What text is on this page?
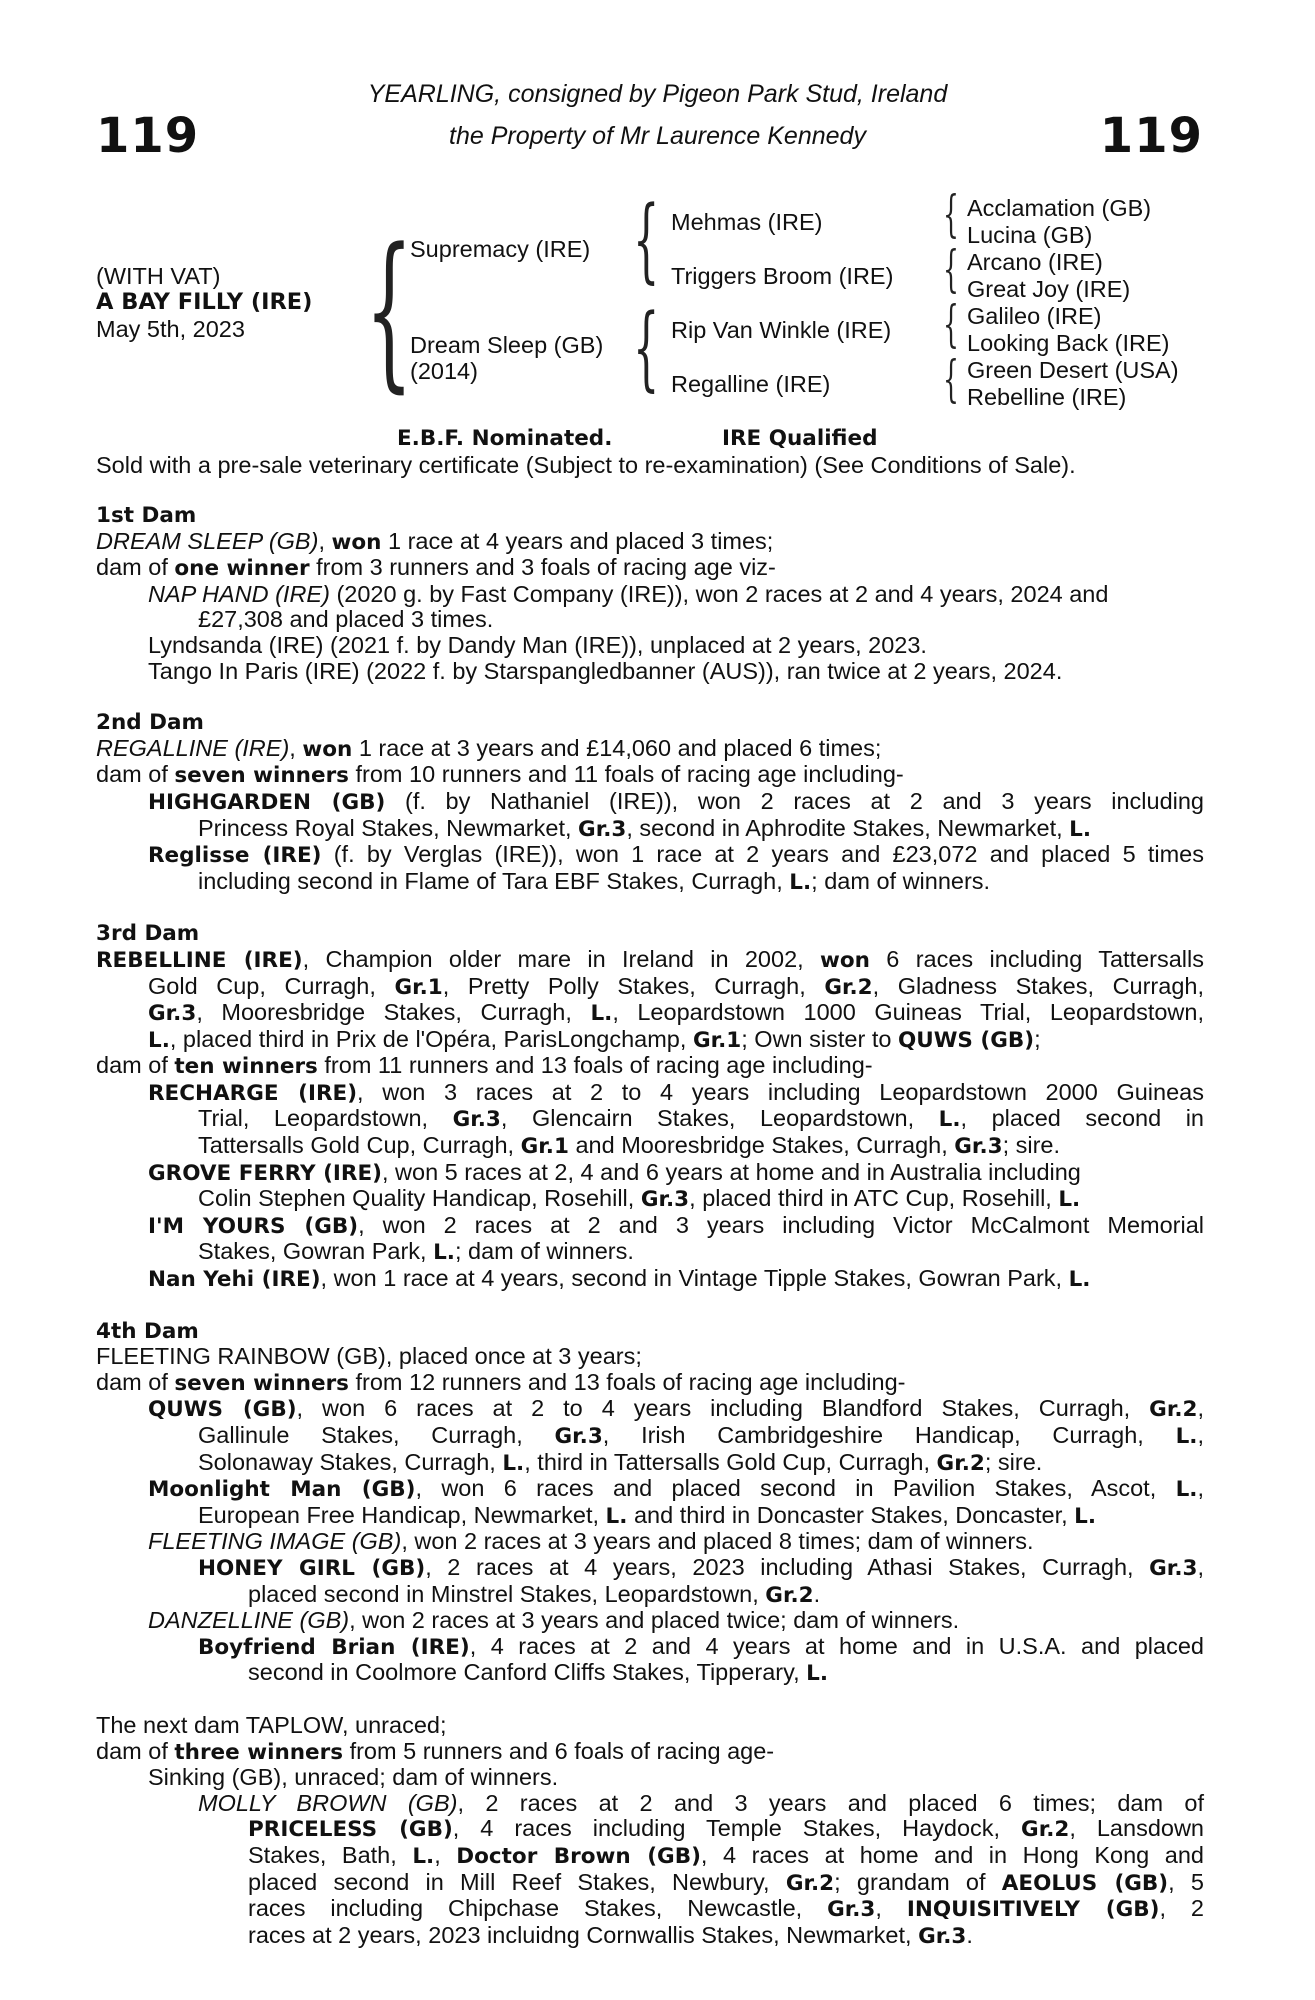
119	119
YEARLING, consigned by Pigeon Park Stud, Ireland
the Property of Mr Laurence Kennedy
(WITH VAT)
A BAY FILLY (IRE)
May 5th, 2023 { {
{
{
{
{
{
Supremacy (IRE)
Dream Sleep (GB)
(2014)
Mehmas (IRE)
Triggers Broom (IRE)
Rip Van Winkle (IRE)
Regalline (IRE)
Acclamation (GB)
Lucina (GB)
Arcano (IRE)
Great Joy (IRE)
Galileo (IRE)
Looking Back (IRE)
Green Desert (USA)
Rebelline (IRE)
E.B.F. Nominated.	IRE Qualified
Sold with a pre-sale veterinary certificate (Subject to re-examination) (See Conditions of Sale).
1st Dam
DREAM SLEEP (GB), won 1 race at 4 years and placed 3 times;
dam of one winner from 3 runners and 3 foals of racing age viz-
NAP HAND (IRE) (2020 g. by Fast Company (IRE)), won 2 races at 2 and 4 years, 2024 and
£27,308 and placed 3 times.
Lyndsanda (IRE) (2021 f. by Dandy Man (IRE)), unplaced at 2 years, 2023.
Tango In Paris (IRE) (2022 f. by Starspangledbanner (AUS)), ran twice at 2 years, 2024.
2nd Dam
REGALLINE (IRE), won 1 race at 3 years and £14,060 and placed 6 times;
dam of seven winners from 10 runners and 11 foals of racing age including-
HIGHGARDEN (GB) (f. by Nathaniel (IRE)), won 2 races at 2 and 3 years including
Princess Royal Stakes, Newmarket, Gr.3, second in Aphrodite Stakes, Newmarket, L.
Reglisse (IRE) (f. by Verglas (IRE)), won 1 race at 2 years and £23,072 and placed 5 times
including second in Flame of Tara EBF Stakes, Curragh, L.; dam of winners.
3rd Dam
REBELLINE (IRE), Champion older mare in Ireland in 2002, won 6 races including Tattersalls
Gold Cup, Curragh, Gr.1, Pretty Polly Stakes, Curragh, Gr.2, Gladness Stakes, Curragh,
Gr.3, Mooresbridge Stakes, Curragh, L., Leopardstown 1000 Guineas Trial, Leopardstown,
L., placed third in Prix de l'Opéra, ParisLongchamp, Gr.1; Own sister to QUWS (GB);
dam of ten winners from 11 runners and 13 foals of racing age including-
RECHARGE (IRE), won 3 races at 2 to 4 years including Leopardstown 2000 Guineas
Trial, Leopardstown, Gr.3, Glencairn Stakes, Leopardstown, L., placed second in
Tattersalls Gold Cup, Curragh, Gr.1 and Mooresbridge Stakes, Curragh, Gr.3; sire.
GROVE FERRY (IRE), won 5 races at 2, 4 and 6 years at home and in Australia including
Colin Stephen Quality Handicap, Rosehill, Gr.3, placed third in ATC Cup, Rosehill, L.
I'M YOURS (GB), won 2 races at 2 and 3 years including Victor McCalmont Memorial
Stakes, Gowran Park, L.; dam of winners.
Nan Yehi (IRE), won 1 race at 4 years, second in Vintage Tipple Stakes, Gowran Park, L.
4th Dam
FLEETING RAINBOW (GB), placed once at 3 years;
dam of seven winners from 12 runners and 13 foals of racing age including-
QUWS (GB), won 6 races at 2 to 4 years including Blandford Stakes, Curragh, Gr.2,
Gallinule Stakes, Curragh, Gr.3, Irish Cambridgeshire Handicap, Curragh, L.,
Solonaway Stakes, Curragh, L., third in Tattersalls Gold Cup, Curragh, Gr.2; sire.
Moonlight Man (GB), won 6 races and placed second in Pavilion Stakes, Ascot, L.,
European Free Handicap, Newmarket, L. and third in Doncaster Stakes, Doncaster, L.
FLEETING IMAGE (GB), won 2 races at 3 years and placed 8 times; dam of winners.
HONEY GIRL (GB), 2 races at 4 years, 2023 including Athasi Stakes, Curragh, Gr.3,
placed second in Minstrel Stakes, Leopardstown, Gr.2.
DANZELLINE (GB), won 2 races at 3 years and placed twice; dam of winners.
Boyfriend Brian (IRE), 4 races at 2 and 4 years at home and in U.S.A. and placed
second in Coolmore Canford Cliffs Stakes, Tipperary, L.
The next dam TAPLOW, unraced;
dam of three winners from 5 runners and 6 foals of racing age-
Sinking (GB), unraced; dam of winners.
MOLLY BROWN (GB), 2 races at 2 and 3 years and placed 6 times; dam of
PRICELESS (GB), 4 races including Temple Stakes, Haydock, Gr.2, Lansdown
Stakes, Bath, L., Doctor Brown (GB), 4 races at home and in Hong Kong and
placed second in Mill Reef Stakes, Newbury, Gr.2; grandam of AEOLUS (GB), 5
races including Chipchase Stakes, Newcastle, Gr.3, INQUISITIVELY (GB), 2
races at 2 years, 2023 incluidng Cornwallis Stakes, Newmarket, Gr.3.
